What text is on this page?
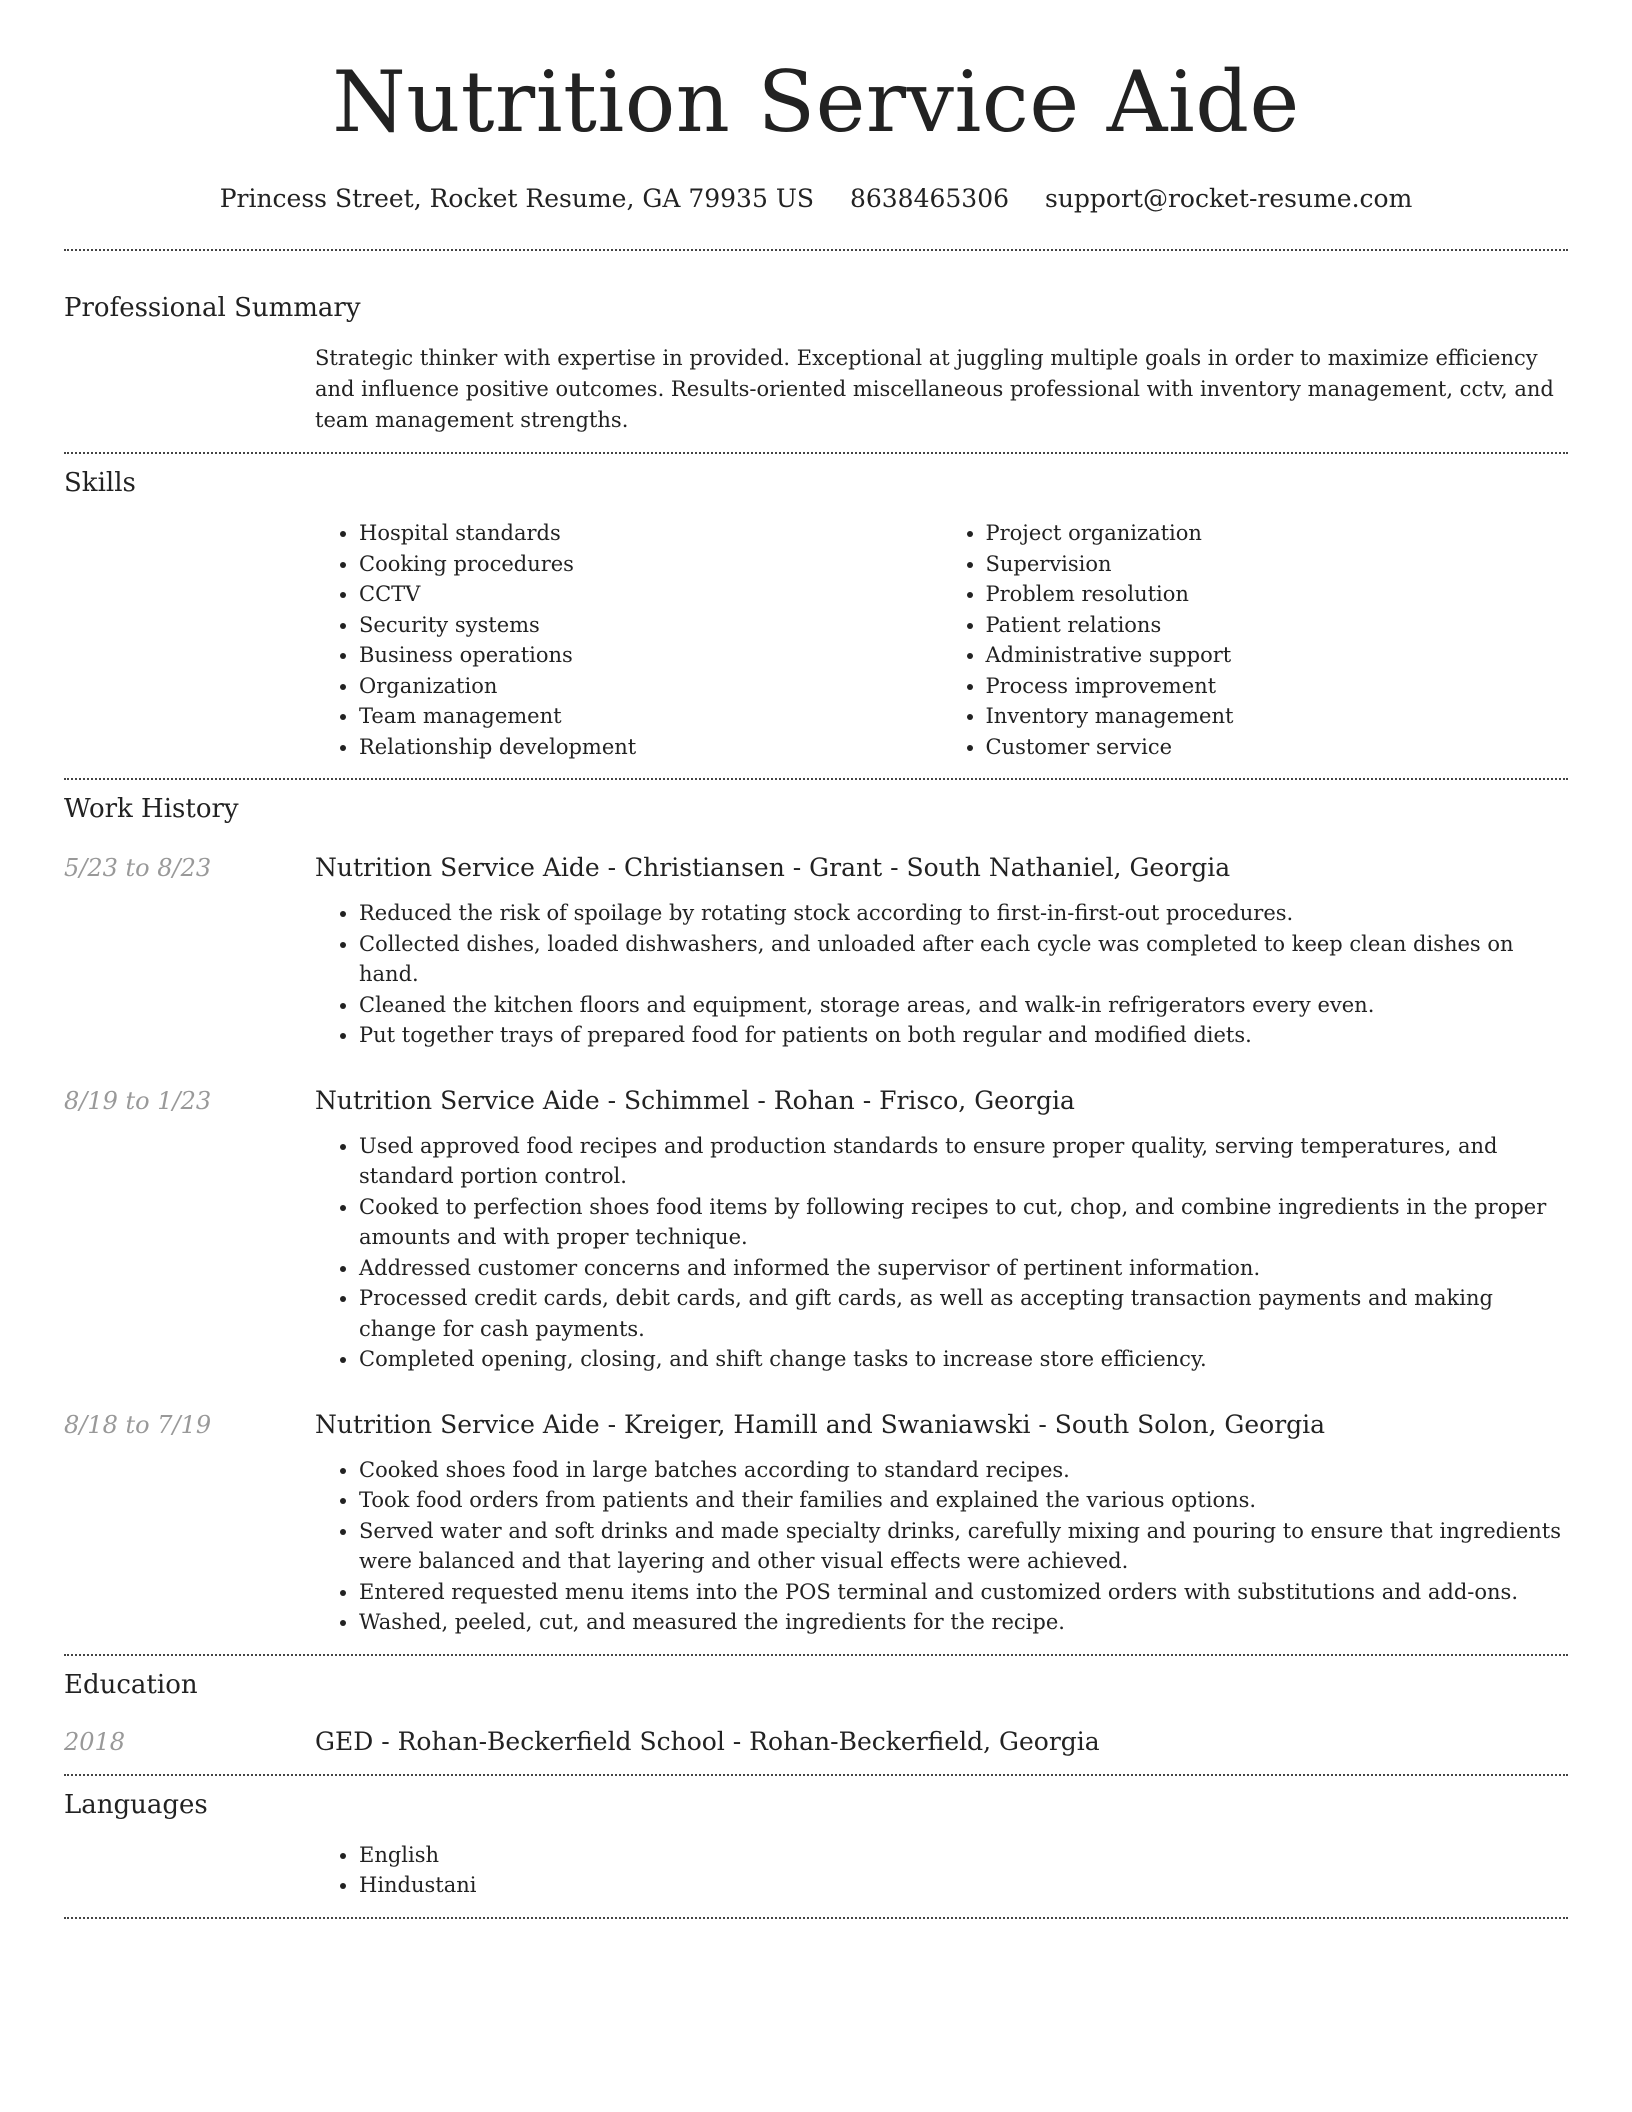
Nutrition Service Aide
Princess Street, Rocket Resume, GA 79935 US 8638465306 support@rocket-resume.com
Professional Summary

Strategic thinker with expertise in provided. Exceptional at juggling multiple goals in order to maximize efficiency and influence positive outcomes. Results-oriented miscellaneous professional with inventory management, cctv, and team management strengths.

Skills
• Hospital standards
• Cooking procedures
• CCTV
• Security systems
• Business operations
• Organization
• Team management
• Relationship development
• Project organization
• Supervision
• Problem resolution
• Patient relations
• Administrative support
• Process improvement
• Inventory management
• Customer service
Work History
5/23 to 8/23	Nutrition Service Aide - Christiansen - Grant - South Nathaniel, Georgia
• Reduced the risk of spoilage by rotating stock according to first-in-first-out procedures.
• Collected dishes, loaded dishwashers, and unloaded after each cycle was completed to keep clean dishes on hand.
• Cleaned the kitchen floors and equipment, storage areas, and walk-in refrigerators every even.
• Put together trays of prepared food for patients on both regular and modified diets.
8/19 to 1/23	Nutrition Service Aide - Schimmel - Rohan - Frisco, Georgia
• Used approved food recipes and production standards to ensure proper quality, serving temperatures, and standard portion control.
• Cooked to perfection shoes food items by following recipes to cut, chop, and combine ingredients in the proper amounts and with proper technique.
• Addressed customer concerns and informed the supervisor of pertinent information.
• Processed credit cards, debit cards, and gift cards, as well as accepting transaction payments and making change for cash payments.
• Completed opening, closing, and shift change tasks to increase store efficiency.
8/18 to 7/19	Nutrition Service Aide - Kreiger, Hamill and Swaniawski - South Solon, Georgia
• Cooked shoes food in large batches according to standard recipes.
• Took food orders from patients and their families and explained the various options.
• Served water and soft drinks and made specialty drinks, carefully mixing and pouring to ensure that ingredients were balanced and that layering and other visual effects were achieved.
• Entered requested menu items into the POS terminal and customized orders with substitutions and add-ons.
• Washed, peeled, cut, and measured the ingredients for the recipe.
Education
2018	GED - Rohan-Beckerfield School - Rohan-Beckerfield, Georgia
Languages
• English
• Hindustani
